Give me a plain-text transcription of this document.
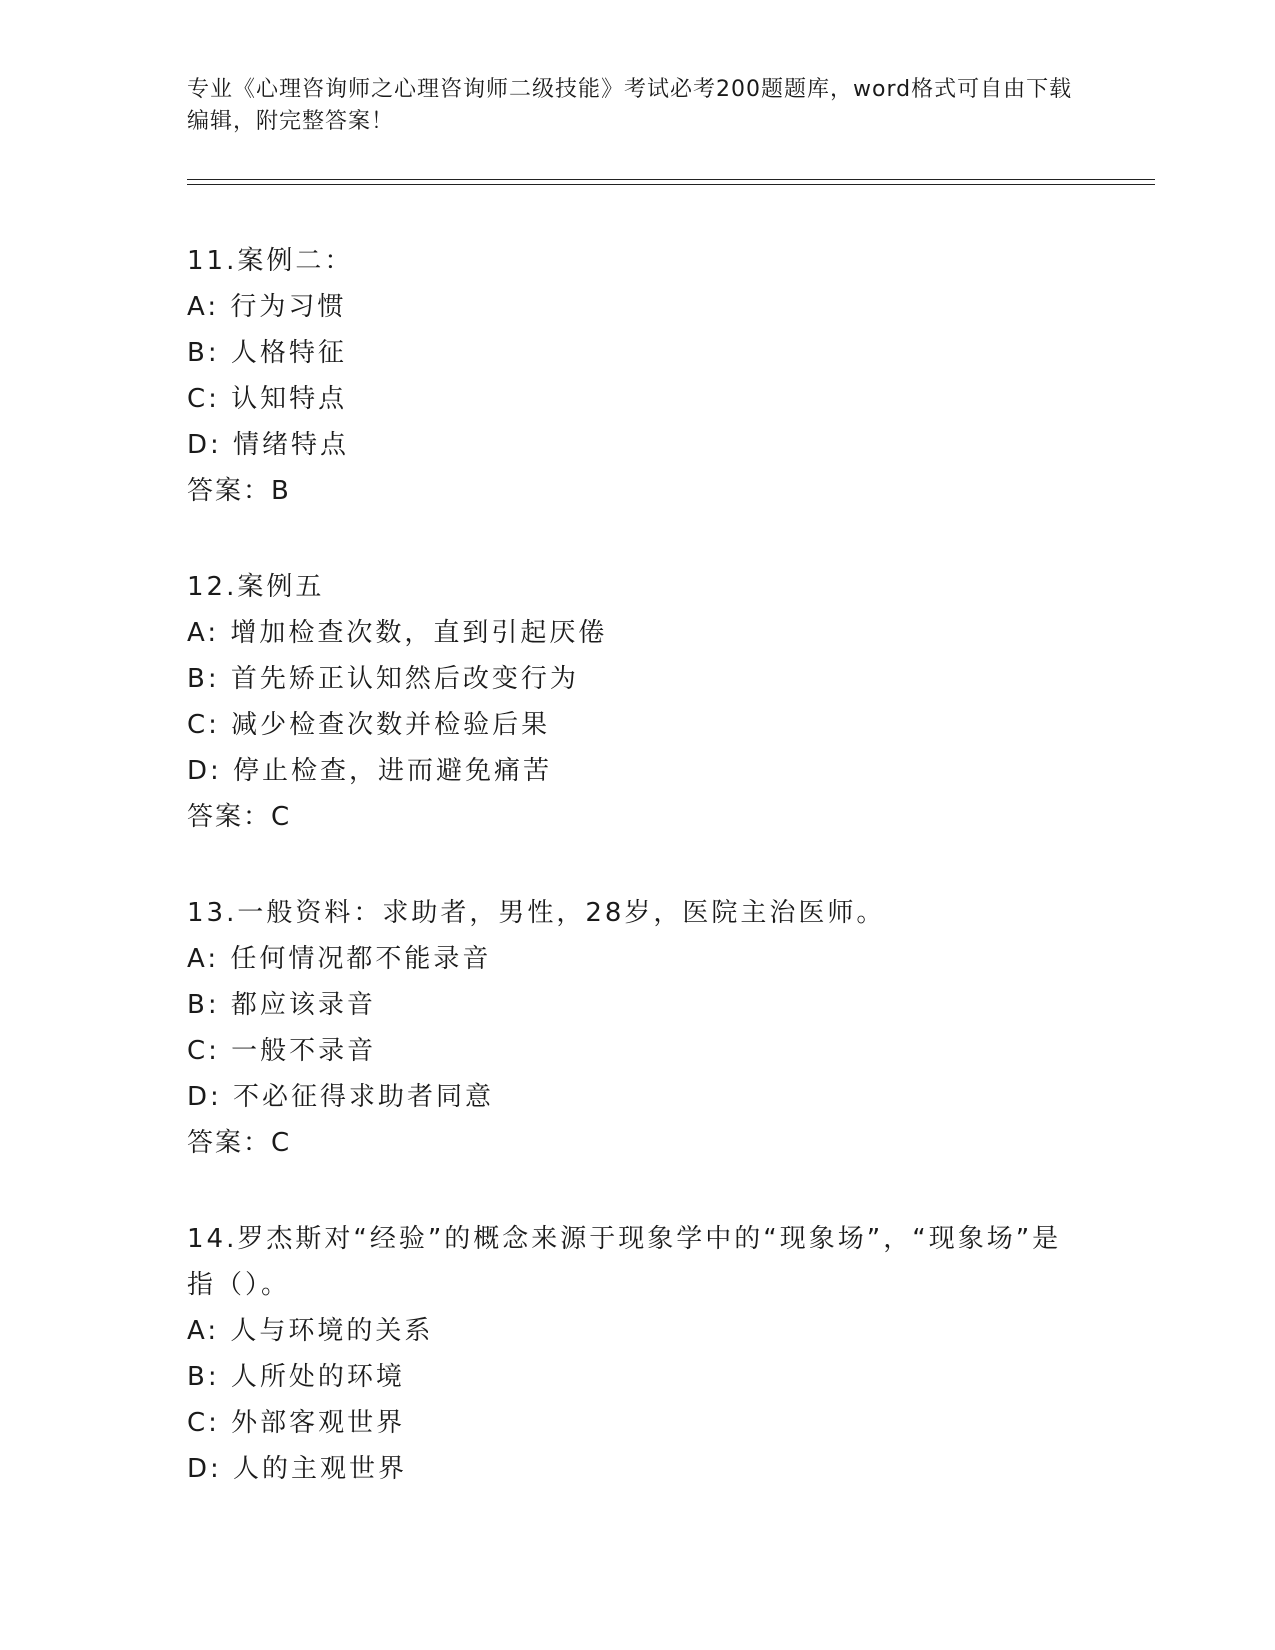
专业《心理咨询师之心理咨询师二级技能》考试必考200题题库，word格式可自由下载编辑，附完整答案！
11.案例二：
A: 行为习惯
B: 人格特征
C: 认知特点
D: 情绪特点
答案：B
12.案例五
A: 增加检查次数，直到引起厌倦
B: 首先矫正认知然后改变行为
C: 减少检查次数并检验后果
D: 停止检查，进而避免痛苦
答案：C
13.一般资料：求助者，男性，28岁，医院主治医师。
A: 任何情况都不能录音
B: 都应该录音
C: 一般不录音
D: 不必征得求助者同意
答案：C
14.罗杰斯对“经验”的概念来源于现象学中的“现象场”，“现象场”是指（）。
A: 人与环境的关系
B: 人所处的环境
C: 外部客观世界
D: 人的主观世界
